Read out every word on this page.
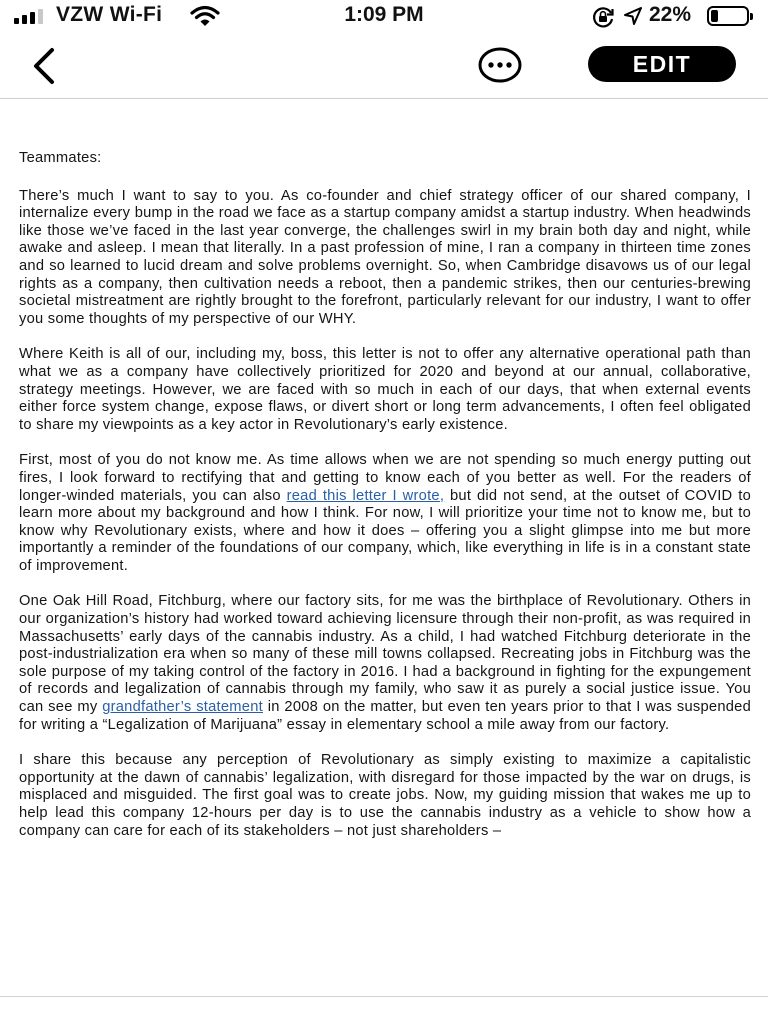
VZW Wi-Fi	1:09 PM	22%
EDIT

Teammates:

There’s much I want to say to you. As co-founder and chief strategy officer of our shared company, I internalize every bump in the road we face as a startup company amidst a startup industry. When headwinds like those we’ve faced in the last year converge, the challenges swirl in my brain both day and night, while awake and asleep. I mean that literally. In a past profession of mine, I ran a company in thirteen time zones and so learned to lucid dream and solve problems overnight. So, when Cambridge disavows us of our legal rights as a company, then cultivation needs a reboot, then a pandemic strikes, then our centuries-brewing societal mistreatment are rightly brought to the forefront, particularly relevant for our industry, I want to offer you some thoughts of my perspective of our WHY.

Where Keith is all of our, including my, boss, this letter is not to offer any alternative operational path than what we as a company have collectively prioritized for 2020 and beyond at our annual, collaborative, strategy meetings. However, we are faced with so much in each of our days, that when external events either force system change, expose flaws, or divert short or long term advancements, I often feel obligated to share my viewpoints as a key actor in Revolutionary’s early existence.

First, most of you do not know me. As time allows when we are not spending so much energy putting out fires, I look forward to rectifying that and getting to know each of you better as well. For the readers of longer-winded materials, you can also read this letter I wrote, but did not send, at the outset of COVID to learn more about my background and how I think. For now, I will prioritize your time not to know me, but to know why Revolutionary exists, where and how it does – offering you a slight glimpse into me but more importantly a reminder of the foundations of our company, which, like everything in life is in a constant state of improvement.

One Oak Hill Road, Fitchburg, where our factory sits, for me was the birthplace of Revolutionary. Others in our organization’s history had worked toward achieving licensure through their non-profit, as was required in Massachusetts’ early days of the cannabis industry. As a child, I had watched Fitchburg deteriorate in the post-industrialization era when so many of these mill towns collapsed. Recreating jobs in Fitchburg was the sole purpose of my taking control of the factory in 2016. I had a background in fighting for the expungement of records and legalization of cannabis through my family, who saw it as purely a social justice issue. You can see my grandfather’s statement in 2008 on the matter, but even ten years prior to that I was suspended for writing a “Legalization of Marijuana” essay in elementary school a mile away from our factory.

I share this because any perception of Revolutionary as simply existing to maximize a capitalistic opportunity at the dawn of cannabis’ legalization, with disregard for those impacted by the war on drugs, is misplaced and misguided. The first goal was to create jobs. Now, my guiding mission that wakes me up to help lead this company 12-hours per day is to use the cannabis industry as a vehicle to show how a company can care for each of its stakeholders – not just shareholders –
